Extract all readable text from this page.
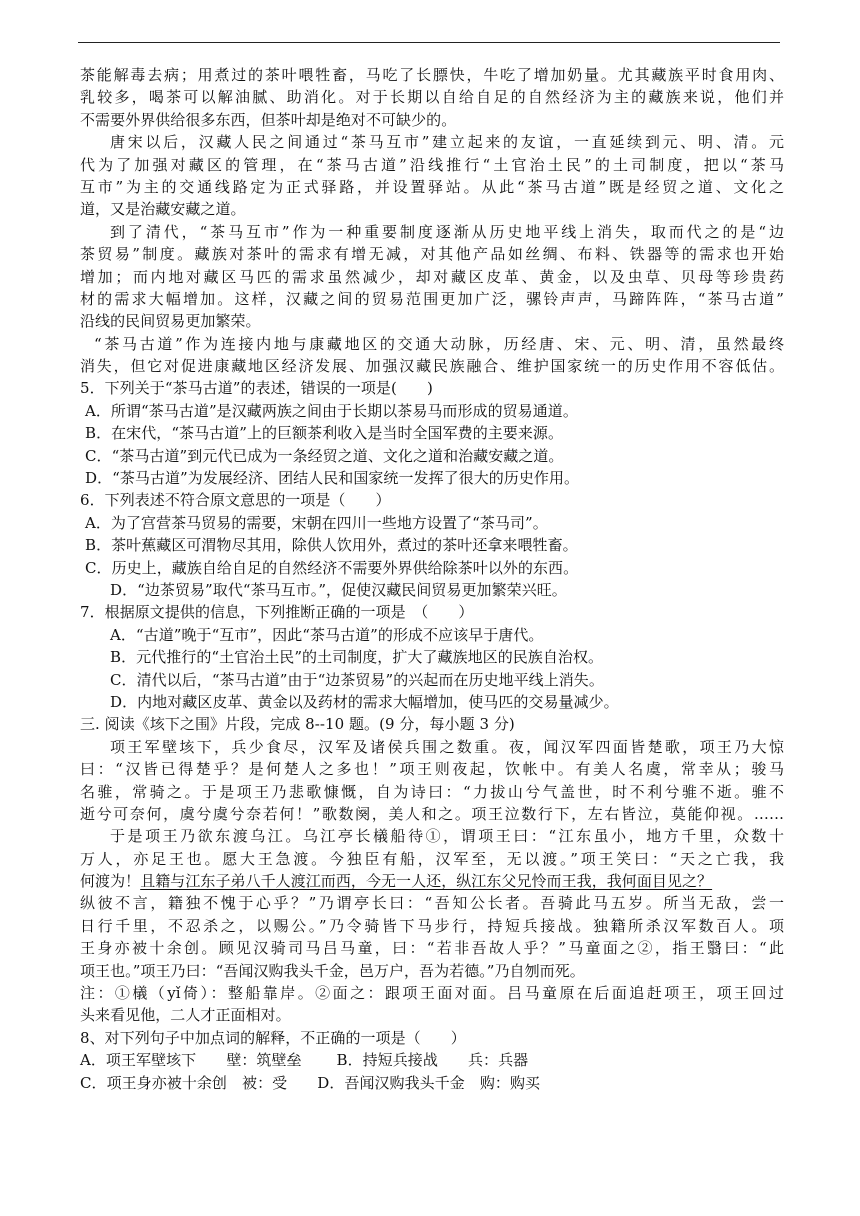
茶能解毒去病；用煮过的茶叶喂牲畜，马吃了长膘快，牛吃了增加奶量。尤其藏族平时食用肉、
乳较多，喝茶可以解油腻、助消化。对于长期以自给自足的自然经济为主的藏族来说，他们并
不需要外界供给很多东西，但茶叶却是绝对不可缺少的。
唐宋以后，汉藏人民之间通过“茶马互市”建立起来的友谊，一直延续到元、明、清。元
代为了加强对藏区的管理，在“茶马古道”沿线推行“土官治土民”的土司制度，把以“茶马
互市”为主的交通线路定为正式驿路，并设置驿站。从此“茶马古道”既是经贸之道、文化之
道，又是治藏安藏之道。
到了清代，“茶马互市”作为一种重要制度逐渐从历史地平线上消失，取而代之的是“边
茶贸易”制度。藏族对茶叶的需求有增无减，对其他产品如丝绸、布料、铁器等的需求也开始
增加；而内地对藏区马匹的需求虽然减少，却对藏区皮革、黄金，以及虫草、贝母等珍贵药
材的需求大幅增加。这样，汉藏之间的贸易范围更加广泛，骡铃声声，马蹄阵阵，“茶马古道”
沿线的民间贸易更加繁荣。
“茶马古道”作为连接内地与康藏地区的交通大动脉，历经唐、宋、元、明、清，虽然最终
消失，但它对促进康藏地区经济发展、加强汉藏民族融合、维护国家统一的历史作用不容低估。
5．下列关于“茶马古道”的表述，错误的一项是(　　)
A．所谓“茶马古道”是汉藏两族之间由于长期以茶易马而形成的贸易通道。
B．在宋代，“茶马古道”上的巨额茶利收入是当时全国军费的主要来源。
C．“茶马古道”到元代已成为一条经贸之道、文化之道和治藏安藏之道。
D．“茶马古道”为发展经济、团结人民和国家统一发挥了很大的历史作用。
6．下列表述不符合原文意思的一项是（　　）
A．为了宫营茶马贸易的需要，宋朝在四川一些地方设置了“茶马司”。
B．茶叶蕉藏区可渭物尽其用，除供人饮用外，煮过的茶叶还拿来喂牲畜。
C．历史上，藏族自给自足的自然经济不需要外界供给除茶叶以外的东西。
D．“边茶贸易”取代“茶马互市。”，促使汉藏民间贸易更加繁荣兴旺。
7．根据原文提供的信息，下列推断正确的一项是　（　　）
A．“古道”晚于“互市”，因此“茶马古道”的形成不应该早于唐代。
B．元代推行的“土官治土民”的土司制度，扩大了藏族地区的民族自治权。
C．清代以后，“茶马古道”由于“边茶贸易”的兴起而在历史地平线上消失。
D．内地对藏区皮革、黄金以及药材的需求大幅增加，使马匹的交易量减少。
三. 阅读《垓下之围》片段，完成 8--10 题。(9 分，每小题 3 分)
项王军壁垓下，兵少食尽，汉军及诸侯兵围之数重。夜，闻汉军四面皆楚歌，项王乃大惊
曰：“汉皆已得楚乎？是何楚人之多也！”项王则夜起，饮帐中。有美人名虞，常幸从；骏马
名骓，常骑之。于是项王乃悲歌慷慨，自为诗曰：“力拔山兮气盖世，时不利兮骓不逝。骓不
逝兮可奈何，虞兮虞兮奈若何！”歌数阕，美人和之。项王泣数行下，左右皆泣，莫能仰视。……
于是项王乃欲东渡乌江。乌江亭长檥船待①，谓项王曰：“江东虽小，地方千里，众数十
万人，亦足王也。愿大王急渡。今独臣有船，汉军至，无以渡。”项王笑曰：“天之亡我，我
何渡为！且籍与江东子弟八千人渡江而西，今无一人还，纵江东父兄怜而王我，我何面目见之？
纵彼不言，籍独不愧于心乎？”乃谓亭长曰：“吾知公长者。吾骑此马五岁。所当无敌，尝一
日行千里，不忍杀之，以赐公。”乃令骑皆下马步行，持短兵接战。独籍所杀汉军数百人。项
王身亦被十余创。顾见汉骑司马吕马童，曰：“若非吾故人乎？”马童面之②，指王翳曰：“此
项王也。”项王乃曰：“吾闻汉购我头千金，邑万户，吾为若德。”乃自刎而死。
注：①檥（yǐ倚）：整船靠岸。②面之：跟项王面对面。吕马童原在后面追赶项王，项王回过
头来看见他，二人才正面相对。
8、对下列句子中加点词的解释，不正确的一项是（　　）
A．项王军壁垓下　　壁：筑壁垒　　 B．持短兵接战　　兵：兵器
C．项王身亦被十余创　被：受　　D．吾闻汉购我头千金　购：购买
